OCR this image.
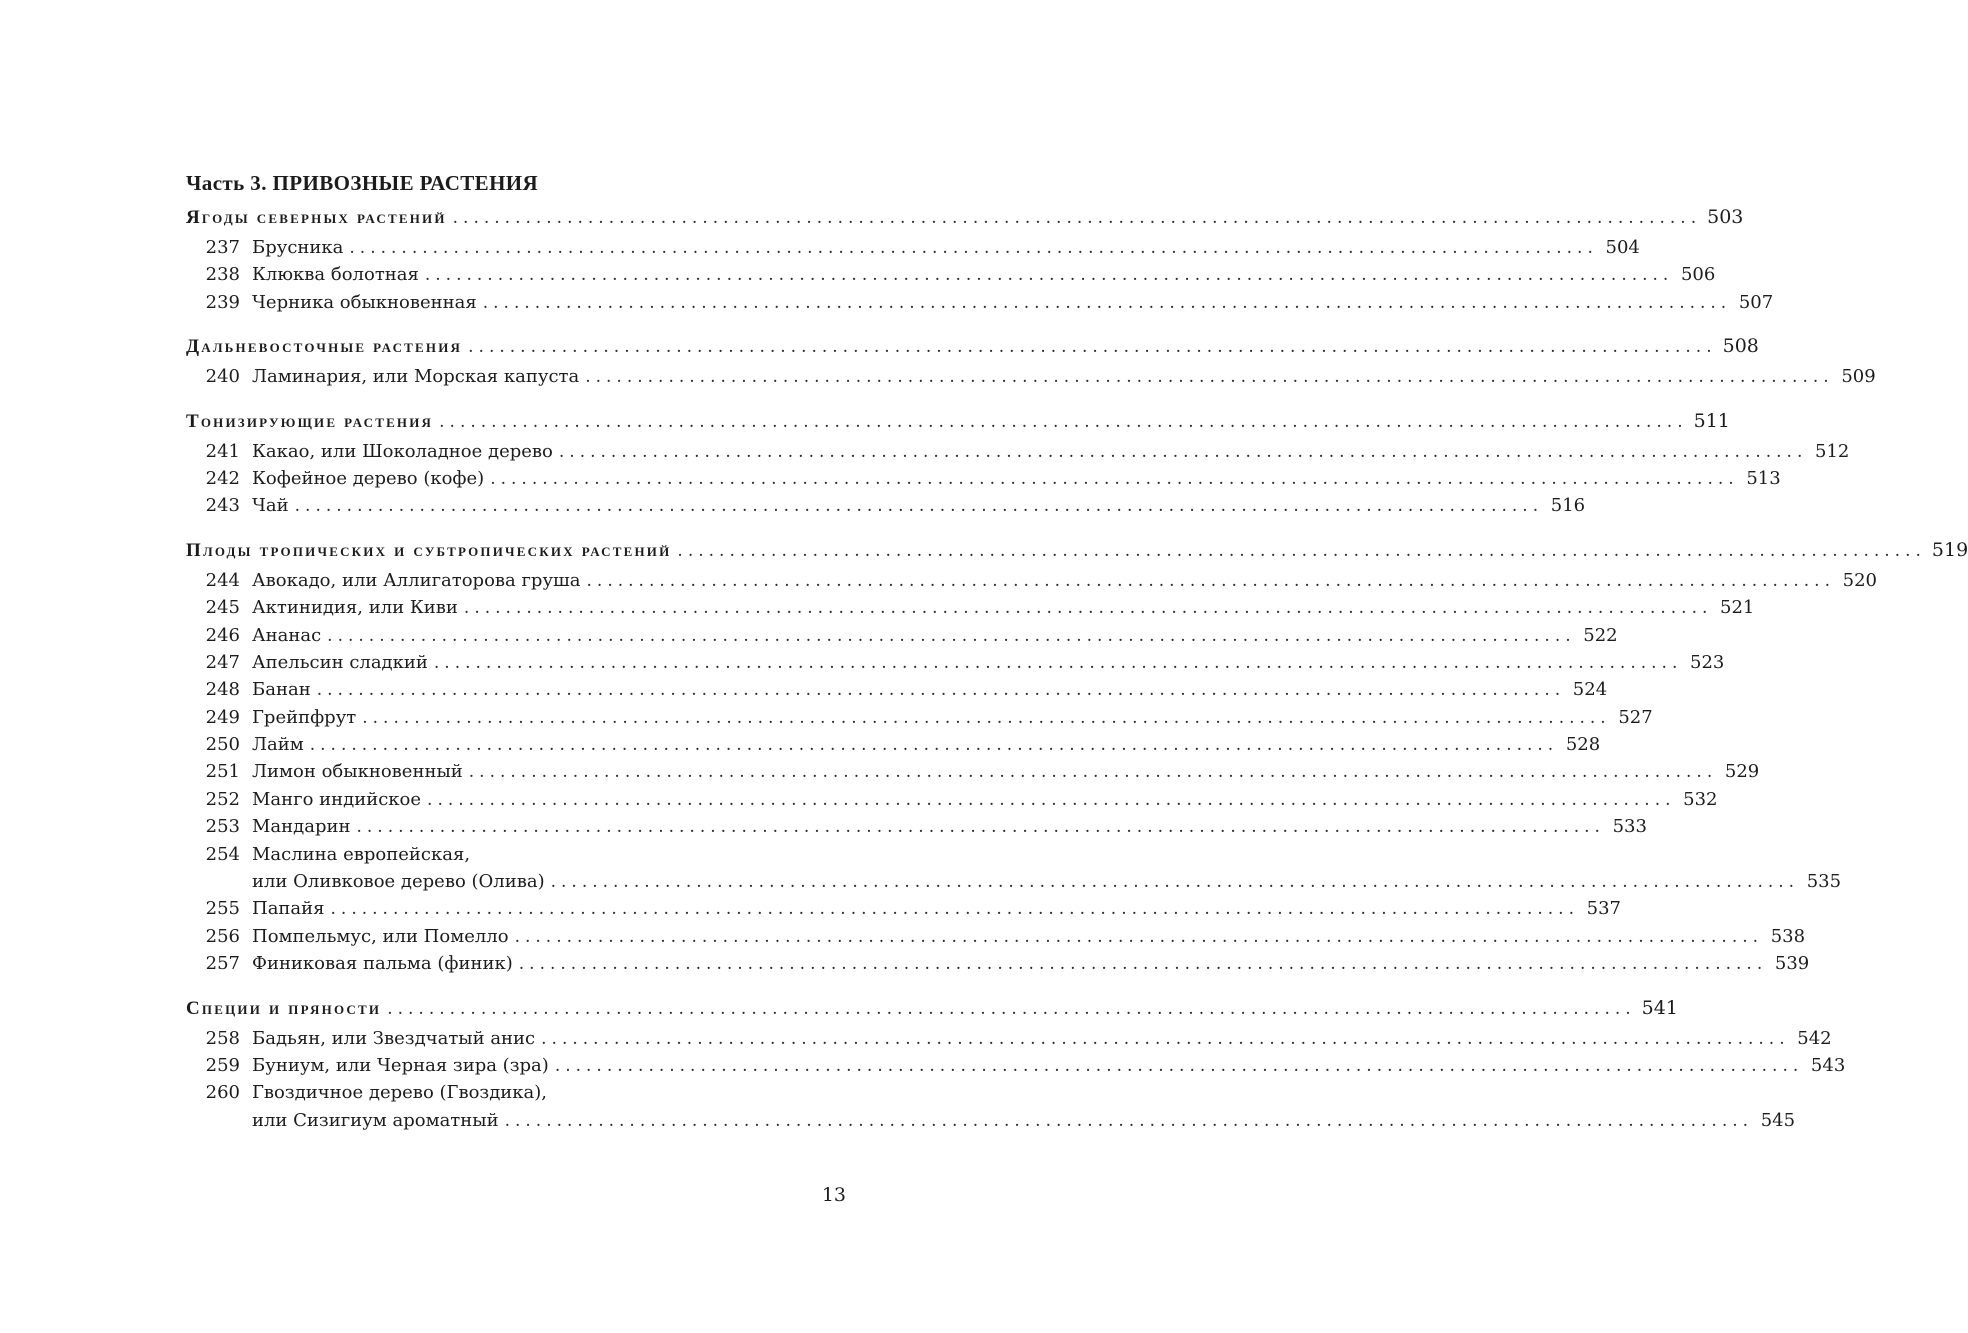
Часть 3. ПРИВОЗНЫЕ РАСТЕНИЯ
Ягоды северных растений ........................................................................................................................ 503
237 Брусника ........................................................................................................................ 504
238 Клюква болотная ........................................................................................................................ 506
239 Черника обыкновенная ........................................................................................................................ 507
Дальневосточные растения ........................................................................................................................ 508
240 Ламинария, или Морская капуста ........................................................................................................................ 509
Тонизирующие растения ........................................................................................................................ 511
241 Какао, или Шоколадное дерево ........................................................................................................................ 512
242 Кофейное дерево (кофе) ........................................................................................................................ 513
243 Чай ........................................................................................................................ 516
Плоды тропических и субтропических растений ........................................................................................................................ 519
244 Авокадо, или Аллигаторова груша ........................................................................................................................ 520
245 Актинидия, или Киви ........................................................................................................................ 521
246 Ананас ........................................................................................................................ 522
247 Апельсин сладкий ........................................................................................................................ 523
248 Банан ........................................................................................................................ 524
249 Грейпфрут ........................................................................................................................ 527
250 Лайм ........................................................................................................................ 528
251 Лимон обыкновенный ........................................................................................................................ 529
252 Манго индийское ........................................................................................................................ 532
253 Мандарин ........................................................................................................................ 533
254 Маслина европейская,
или Оливковое дерево (Олива) ........................................................................................................................ 535
255 Папайя ........................................................................................................................ 537
256 Помпельмус, или Помелло ........................................................................................................................ 538
257 Финиковая пальма (финик) ........................................................................................................................ 539
Специи и пряности ........................................................................................................................ 541
258 Бадьян, или Звездчатый анис ........................................................................................................................ 542
259 Буниум, или Черная зира (зра) ........................................................................................................................ 543
260 Гвоздичное дерево (Гвоздика),
или Сизигиум ароматный ........................................................................................................................ 545
13
